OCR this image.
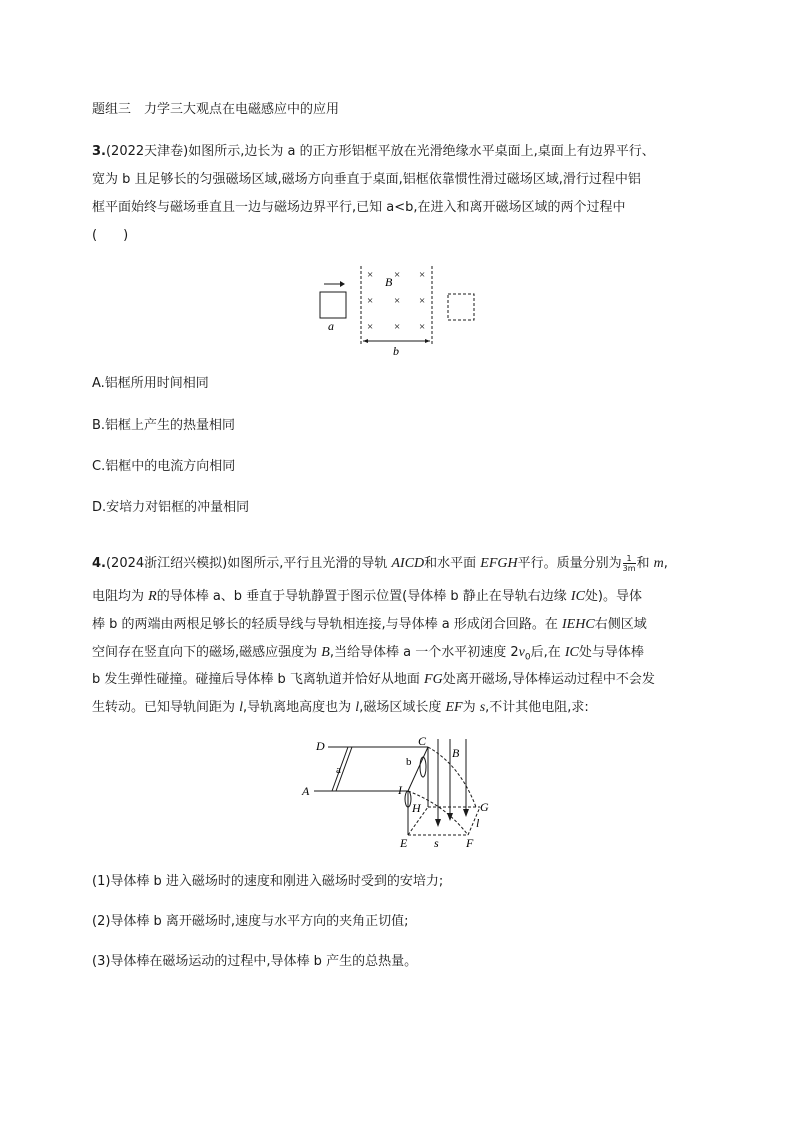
题组三　力学三大观点在电磁感应中的应用
3.(2022天津卷)如图所示,边长为 a 的正方形铝框平放在光滑绝缘水平桌面上,桌面上有边界平行、
宽为 b 且足够长的匀强磁场区域,磁场方向垂直于桌面,铝框依靠惯性滑过磁场区域,滑行过程中铝
框平面始终与磁场垂直且一边与磁场边界平行,已知 a<b,在进入和离开磁场区域的两个过程中
(　　)
a
× × ×
B
× × ×
× × ×
b
A.铝框所用时间相同
B.铝框上产生的热量相同
C.铝框中的电流方向相同
D.安培力对铝框的冲量相同
4.(2024浙江绍兴模拟)如图所示,平行且光滑的导轨 AICD和水平面 EFGH平行。质量分别为 $\frac{1}{3m}$ 和 m,
电阻均为 R的导体棒 a、b 垂直于导轨静置于图示位置(导体棒 b 静止在导轨右边缘 IC处)。导体
棒 b 的两端由两根足够长的轻质导线与导轨相连接,与导体棒 a 形成闭合回路。在 IEHC右侧区域
空间存在竖直向下的磁场,磁感应强度为 B,当给导体棒 a 一个水平初速度 $2v_0$后,在 IC处与导体棒
b 发生弹性碰撞。碰撞后导体棒 b 飞离轨道并恰好从地面 FG处离开磁场,导体棒运动过程中不会发
生转动。已知导轨间距为 l,导轨离地高度也为 l,磁场区域长度 EF为 s,不计其他电阻,求:
D
A
C
I
H
E	F
G
B
s
l
a
b
(1)导体棒 b 进入磁场时的速度和刚进入磁场时受到的安培力;
(2)导体棒 b 离开磁场时,速度与水平方向的夹角正切值;
(3)导体棒在磁场运动的过程中,导体棒 b 产生的总热量。
